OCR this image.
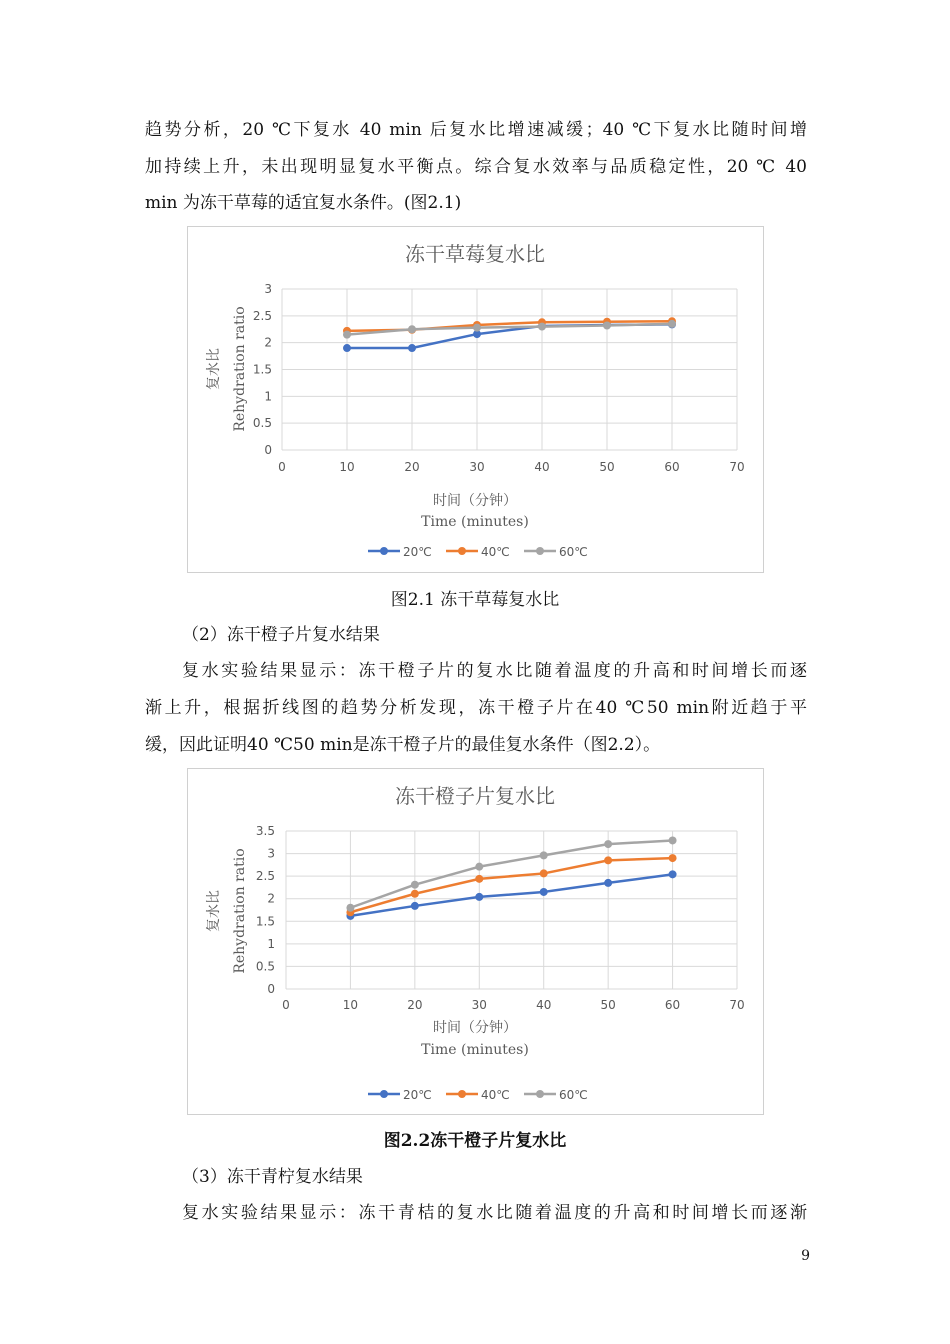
趋势分析，20 ℃下复水 40 min 后复水比增速减缓；40 ℃下复水比随时间增
加持续上升，未出现明显复水平衡点。综合复水效率与品质稳定性，20 ℃ 40
min 为冻干草莓的适宜复水条件。(图2.1)
冻干草莓复水比
0
0.5
1
1.5
2
2.5
3
0	10	20	30	40	50	60	70
时间（分钟）
Time (minutes)
复水比 Rehydration ratio
20℃	40℃	60℃
图2.1 冻干草莓复水比
（2）冻干橙子片复水结果
复水实验结果显示：冻干橙子片的复水比随着温度的升高和时间增长而逐
渐上升，根据折线图的趋势分析发现，冻干橙子片在40 ℃50 min附近趋于平
缓，因此证明40 ℃50 min是冻干橙子片的最佳复水条件（图2.2）。
冻干橙子片复水比
0
0.5
1
1.5
2
2.5
3
3.5
0	10	20	30	40	50	60	70
时间（分钟）
Time (minutes)
复水比 Rehydration ratio
20℃	40℃	60℃
图2.2冻干橙子片复水比
（3）冻干青柠复水结果
复水实验结果显示：冻干青桔的复水比随着温度的升高和时间增长而逐渐
9
